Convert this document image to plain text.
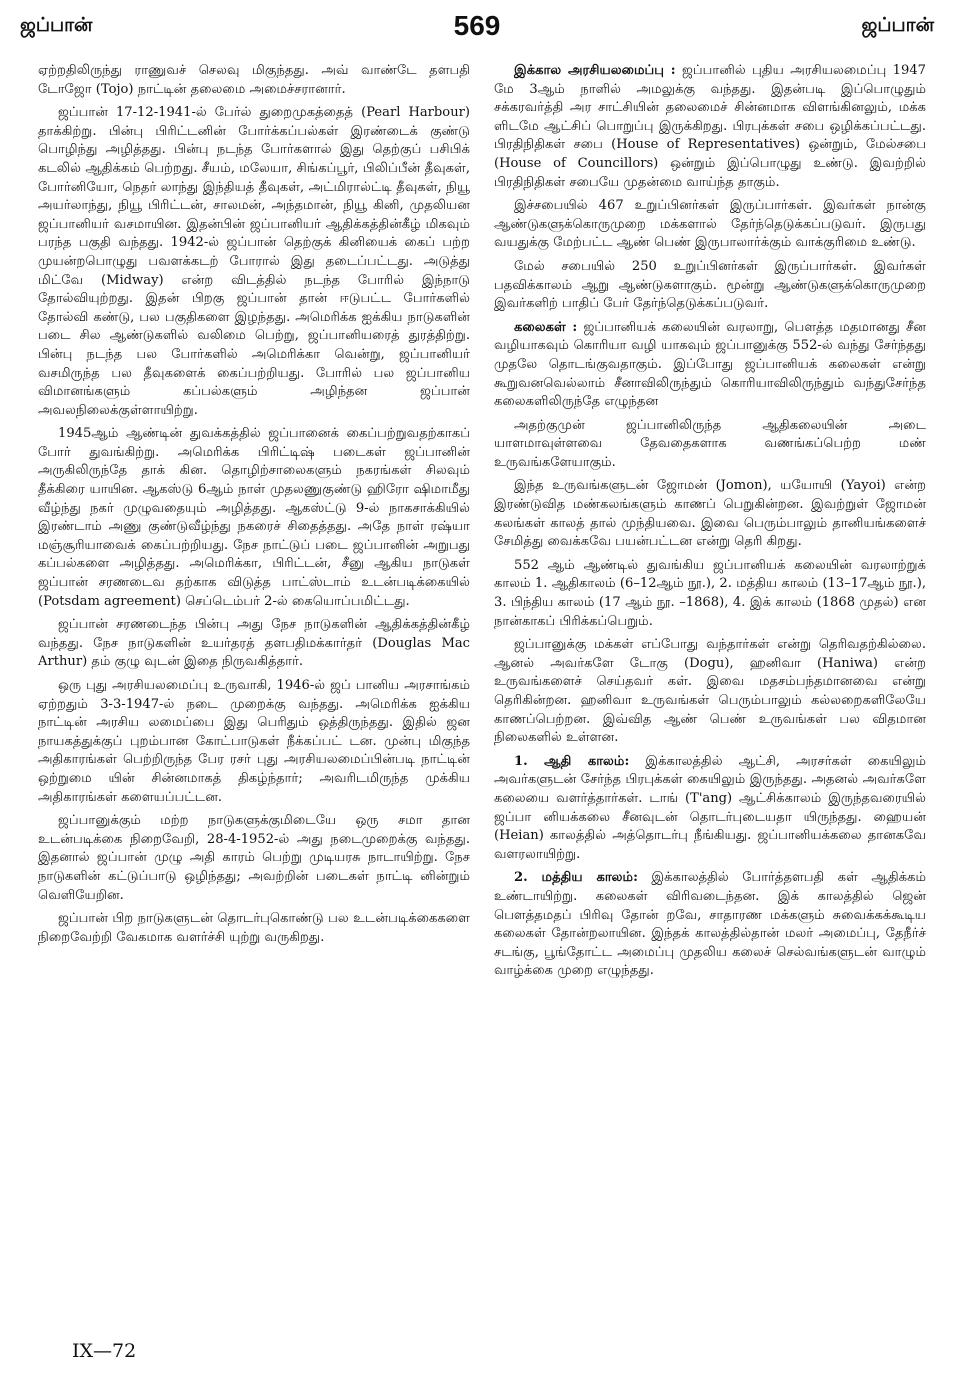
ஜப்பான்	569	ஜப்பான்

ஏற்றதிலிருந்து ராணுவச் செலவு மிகுந்தது. அவ் வாண்டே தளபதி டோஜோ (Tojo) நாட்டின் தலைமை அமைச்சரானார்.

ஜப்பான் 17-12-1941-ல் பேர்ல் துறைமுகத்தைத் (Pearl Harbour) தாக்கிற்று. பின்பு பிரிட்டனின் போர்க்கப்பல்கள் இரண்டைக் குண்டு பொழிந்து அழித்தது. பின்பு நடந்த போர்களால் இது தெற்குப் பசிபிக் கடலில் ஆதிக்கம் பெற்றது. சீயம், மலேயா, சிங்கப்பூர், பிலிப்பீன் தீவுகள், போர்னியோ, நெதர் லாந்து இந்தியத் தீவுகள், அட்மிரால்ட்டி தீவுகள், நியூ அயர்லாந்து, நியூ பிரிட்டன், சாலமன், அந்தமான், நியூ கினி, முதலியன ஜப்பானியர் வசமாயின. இதன்பின் ஜப்பானியர் ஆதிக்கத்தின்கீழ் மிகவும் பரந்த பகுதி வந்தது. 1942-ல் ஜப்பான் தெற்குக் கினியைக் கைப் பற்ற முயன்றபொழுது பவளக்கடற் போரால் இது தடைப்பட்டது. அடுத்து மிட்வே (Midway) என்ற விடத்தில் நடந்த போரில் இந்நாடு தோல்வியுற்றது. இதன் பிறகு ஜப்பான் தான் ஈடுபட்ட போர்களில் தோல்வி கண்டு, பல பகுதிகளை இழந்தது. அமெரிக்க ஐக்கிய நாடுகளின் படை சில ஆண்டுகளில் வலிமை பெற்று, ஜப்பானியரைத் துரத்திற்று. பின்பு நடந்த பல போர்களில் அமெரிக்கா வென்று, ஜப்பானியர் வசமிருந்த பல தீவுகளைக் கைப்பற்றியது. போரில் பல ஜப்பானிய விமானங்களும் கப்பல்களும் அழிந்தன ஜப்பான் அவலநிலைக்குள்ளாயிற்று.

1945ஆம் ஆண்டின் துவக்கத்தில் ஜப்பானைக் கைப்பற்றுவதற்காகப் போர் துவங்கிற்று. அமெரிக்க பிரிட்டிஷ் படைகள் ஜப்பானின் அருகிலிருந்தே தாக் கின. தொழிற்சாலைகளும் நகரங்கள் சிலவும் தீக்கிரை யாயின. ஆகஸ்டு 6ஆம் நாள் முதலணுகுண்டு ஹிரோ ஷிமாமீது வீழ்ந்து நகர் முழுவதையும் அழித்தது. ஆகஸ்ட்டு 9-ல் நாகசாக்கியில் இரண்டாம் அணு குண்டுவீழ்ந்து நகரைச் சிதைத்தது. அதே நாள் ரஷ்யா மஞ்சூரியாவைக் கைப்பற்றியது. நேச நாட்டுப் படை ஜப்பானின் அறுபது கப்பல்களை அழித்தது. அமெரிக்கா, பிரிட்டன், சீனு ஆகிய நாடுகள் ஜப்பான் சரணடைவ தற்காக விடுத்த பாட்ஸ்டாம் உடன்படிக்கையில் (Potsdam agreement) செப்டெம்பர் 2-ல் கையொப்பமிட்டது.

ஜப்பான் சரணடைந்த பின்பு அது நேச நாடுகளின் ஆதிக்கத்தின்கீழ் வந்தது. நேச நாடுகளின் உயர்தரத் தளபதிமக்கார்தர் (Douglas Mac Arthur) தம் குழு வுடன் இதை நிருவகித்தார்.

ஒரு புது அரசியலமைப்பு உருவாகி, 1946-ல் ஜப் பானிய அரசாங்கம் ஏற்றதும் 3-3-1947-ல் நடை முறைக்கு வந்தது. அமெரிக்க ஐக்கிய நாட்டின் அரசிய லமைப்பை இது பெரிதும் ஒத்திருந்தது. இதில் ஜன நாயகத்துக்குப் புறம்பான கோட்பாடுகள் நீக்கப்பட் டன. முன்பு மிகுந்த அதிகாரங்கள் பெற்றிருந்த பேர ரசர் புது அரசியலமைப்பின்படி நாட்டின் ஒற்றுமை யின் சின்னமாகத் திகழ்ந்தார்; அவரிடமிருந்த முக்கிய அதிகாரங்கள் களையப்பட்டன.

ஜப்பானுக்கும் மற்ற நாடுகளுக்குமிடையே ஒரு சமா தான உடன்படிக்கை நிறைவேறி, 28-4-1952-ல் அது நடைமுறைக்கு வந்தது. இதனால் ஜப்பான் முழு அதி காரம் பெற்று முடியரசு நாடாயிற்று. நேச நாடுகளின் கட்டுப்பாடு ஒழிந்தது; அவற்றின் படைகள் நாட்டி னின்றும் வெளியேறின.

ஜப்பான் பிற நாடுகளுடன் தொடர்புகொண்டு பல உடன்படிக்கைகளை நிறைவேற்றி வேகமாக வளர்ச்சி யுற்று வருகிறது.

இக்கால அரசியலமைப்பு : ஜப்பானில் புதிய அரசியலமைப்பு 1947 மே 3ஆம் நாளில் அமலுக்கு வந்தது. இதன்படி இப்பொழுதும் சக்கரவர்த்தி அர சாட்சியின் தலைமைச் சின்னமாக விளங்கினலும், மக்க ளிடமே ஆட்சிப் பொறுப்பு இருக்கிறது. பிரபுக்கள் சபை ஒழிக்கப்பட்டது. பிரதிநிதிகள் சபை (House of Representatives) ஒன்றும், மேல்சபை (House of Councillors) ஒன்றும் இப்பொழுது உண்டு. இவற்றில் பிரதிநிதிகள் சபையே முதன்மை வாய்ந்த தாகும்.

இச்சபையில் 467 உறுப்பினர்கள் இருப்பார்கள். இவர்கள் நான்கு ஆண்டுகளுக்கொருமுறை மக்களால் தேர்ந்தெடுக்கப்படுவர். இருபது வயதுக்கு மேற்பட்ட ஆண் பெண் இருபாலார்க்கும் வாக்குரிமை உண்டு.

மேல் சபையில் 250 உறுப்பினர்கள் இருப்பார்கள். இவர்கள் பதவிக்காலம் ஆறு ஆண்டுகளாகும். மூன்று ஆண்டுகளுக்கொருமுறை இவர்களிற் பாதிப் பேர் தேர்ந்தெடுக்கப்படுவர்.

கலைகள் : ஜப்பானியக் கலையின் வரலாறு, பௌத்த மதமானது சீன வழியாகவும் கொரியா வழி யாகவும் ஜப்பானுக்கு 552-ல் வந்து சேர்ந்தது முதலே தொடங்குவதாகும். இப்போது ஜப்பானியக் கலைகள் என்று கூறுவனவெல்லாம் சீனாவிலிருந்தும் கொரியாவிலிருந்தும் வந்துசேர்ந்த கலைகளிலிருந்தே எழுந்தன

அதற்குமுன் ஜப்பானிலிருந்த ஆதிகலையின் அடை யாளமாவுள்ளவை தேவதைகளாக வணங்கப்பெற்ற மண் உருவங்களேயாகும்.

இந்த உருவங்களுடன் ஜோமன் (Jomon), யயோயி (Yayoi) என்ற இரண்டுவித மண்கலங்களும் காணப் பெறுகின்றன. இவற்றுள் ஜோமன் கலங்கள் காலத் தால் முந்தியவை. இவை பெரும்பாலும் தானியங்களைச் சேமித்து வைக்கவே பயன்பட்டன என்று தெரி கிறது.

552 ஆம் ஆண்டில் துவங்கிய ஜப்பானியக் கலையின் வரலாற்றுக் காலம் 1. ஆதிகாலம் (6–12ஆம் நூ.), 2. மத்திய காலம் (13–17ஆம் நூ.), 3. பிந்திய காலம் (17 ஆம் நூ. –1868), 4. இக் காலம் (1868 முதல்) என நான்காகப் பிரிக்கப்பெறும்.

ஜப்பானுக்கு மக்கள் எப்போது வந்தார்கள் என்று தெரிவதற்கில்லை. ஆனல் அவர்களே டோகு (Dogu), ஹனிவா (Haniwa) என்ற உருவங்களைச் செய்தவர் கள். இவை மதசம்பந்தமானவை என்று தெரிகின்றன. ஹனிவா உருவங்கள் பெரும்பாலும் கல்லறைகளிலேயே காணப்பெற்றன. இவ்வித ஆண் பெண் உருவங்கள் பல விதமான நிலைகளில் உள்ளன.

1. ஆதி காலம்: இக்காலத்தில் ஆட்சி, அரசர்கள் கையிலும் அவர்களுடன் சேர்ந்த பிரபுக்கள் கையிலும் இருந்தது. அதனல் அவர்களே கலையை வளர்த்தார்கள். டாங் (T'ang) ஆட்சிக்காலம் இருந்தவரையில் ஜப்பா னியக்கலை சீனவுடன் தொடர்புடையதா யிருந்தது. ஹையன் (Heian) காலத்தில் அத்தொடர்பு நீங்கியது. ஜப்பானியக்கலை தானகவே வளரலாயிற்று.

2. மத்திய காலம்: இக்காலத்தில் போர்த்தளபதி கள் ஆதிக்கம் உண்டாயிற்று. கலைகள் விரிவடைந்தன. இக் காலத்தில் ஜென் பௌத்தமதப் பிரிவு தோன் றவே, சாதாரண மக்களும் சுவைக்கக்கூடிய கலைகள் தோன்றலாயின. இந்தக் காலத்தில்தான் மலர் அமைப்பு, தேநீர்ச் சடங்கு, பூங்தோட்ட அமைப்பு முதலிய கலைச் செல்வங்களுடன் வாழும் வாழ்க்கை முறை எழுந்தது.

IX—72
